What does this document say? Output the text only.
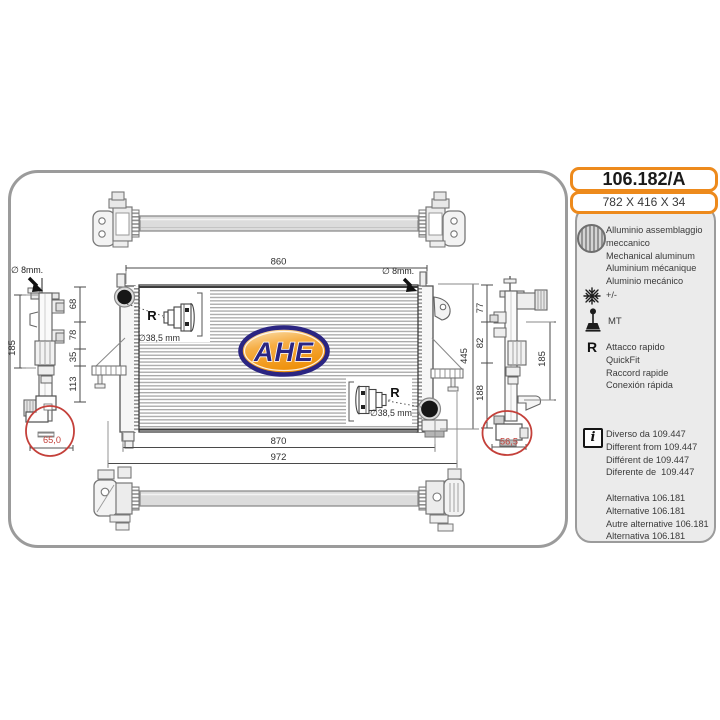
R
∅38,5 mm
R
∅38,5 mm
AHE
860
870
972
445
68
78
35
113
185
77
82
188
185
∅ 8mm.	∅ 8mm.
65,0	56,5
106.182/A
782 X 416 X 34
Alluminio assemblaggio
meccanico
Mechanical aluminum
Aluminium mécanique
Aluminio mecánico
+/-
MT
R Attacco rapido
QuickFit
Raccord rapide
Conexión rápida
i	Diverso da 109.447
Different from 109.447
Différent de 109.447
Diferente de  109.447
Alternativa 106.181
Alternative 106.181
Autre alternative 106.181
Alternativa 106.181
